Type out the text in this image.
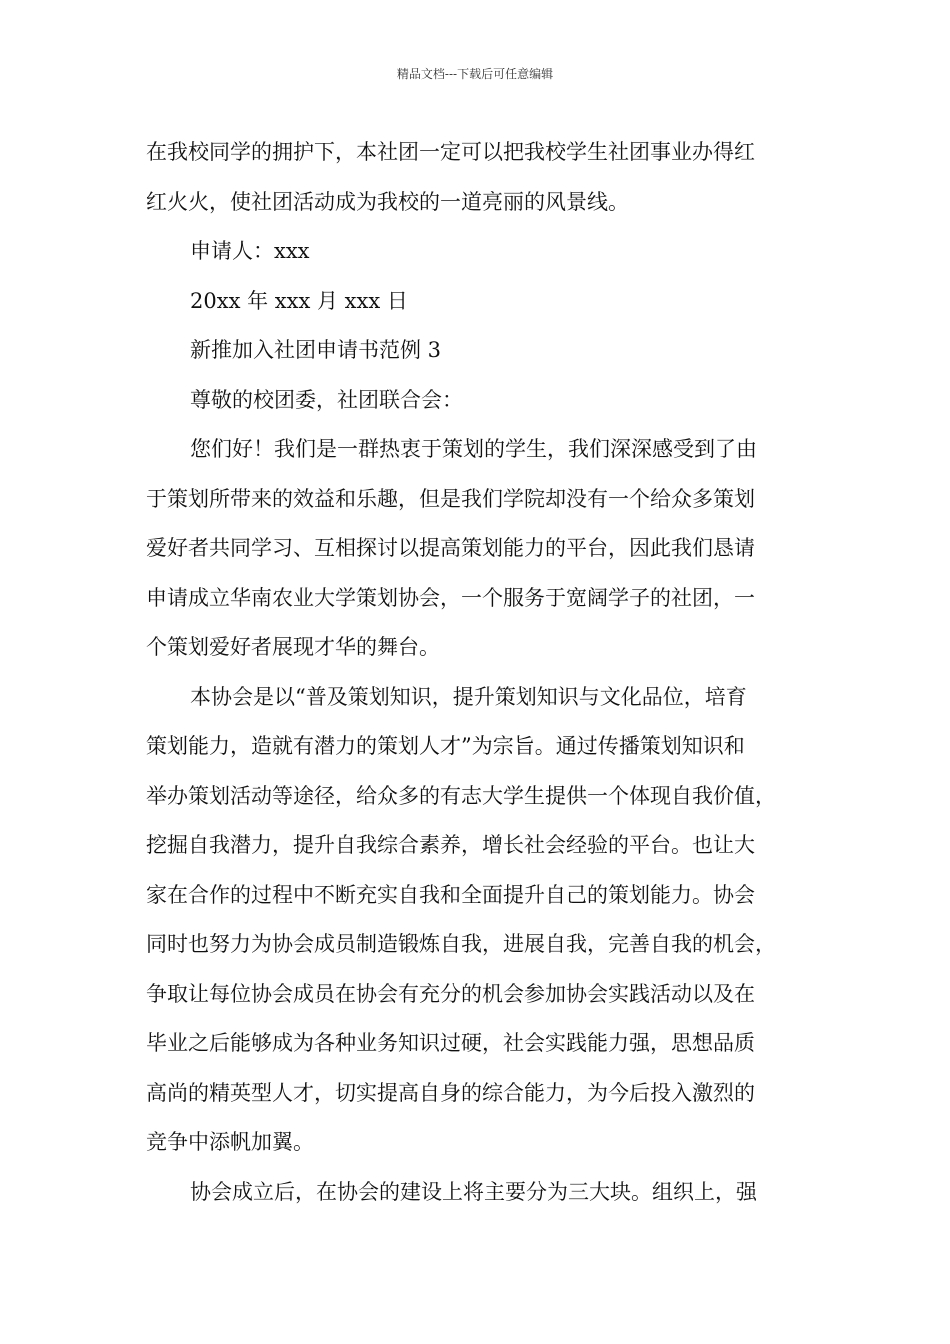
精品文档---下载后可任意编辑
在我校同学的拥护下，本社团一定可以把我校学生社团事业办得红
红火火，使社团活动成为我校的一道亮丽的风景线。
申请人：xxx
20xx 年 xxx 月 xxx 日
新推加入社团申请书范例 3
尊敬的校团委，社团联合会：
您们好！我们是一群热衷于策划的学生，我们深深感受到了由
于策划所带来的效益和乐趣，但是我们学院却没有一个给众多策划
爱好者共同学习、互相探讨以提高策划能力的平台，因此我们恳请
申请成立华南农业大学策划协会，一个服务于宽阔学子的社团，一
个策划爱好者展现才华的舞台。
本协会是以“普及策划知识，提升策划知识与文化品位，培育
策划能力，造就有潜力的策划人才”为宗旨。通过传播策划知识和
举办策划活动等途径，给众多的有志大学生提供一个体现自我价值，
挖掘自我潜力，提升自我综合素养，增长社会经验的平台。也让大
家在合作的过程中不断充实自我和全面提升自己的策划能力。协会
同时也努力为协会成员制造锻炼自我，进展自我，完善自我的机会，
争取让每位协会成员在协会有充分的机会参加协会实践活动以及在
毕业之后能够成为各种业务知识过硬，社会实践能力强，思想品质
高尚的精英型人才，切实提高自身的综合能力，为今后投入激烈的
竞争中添帆加翼。
协会成立后，在协会的建设上将主要分为三大块。组织上，强
